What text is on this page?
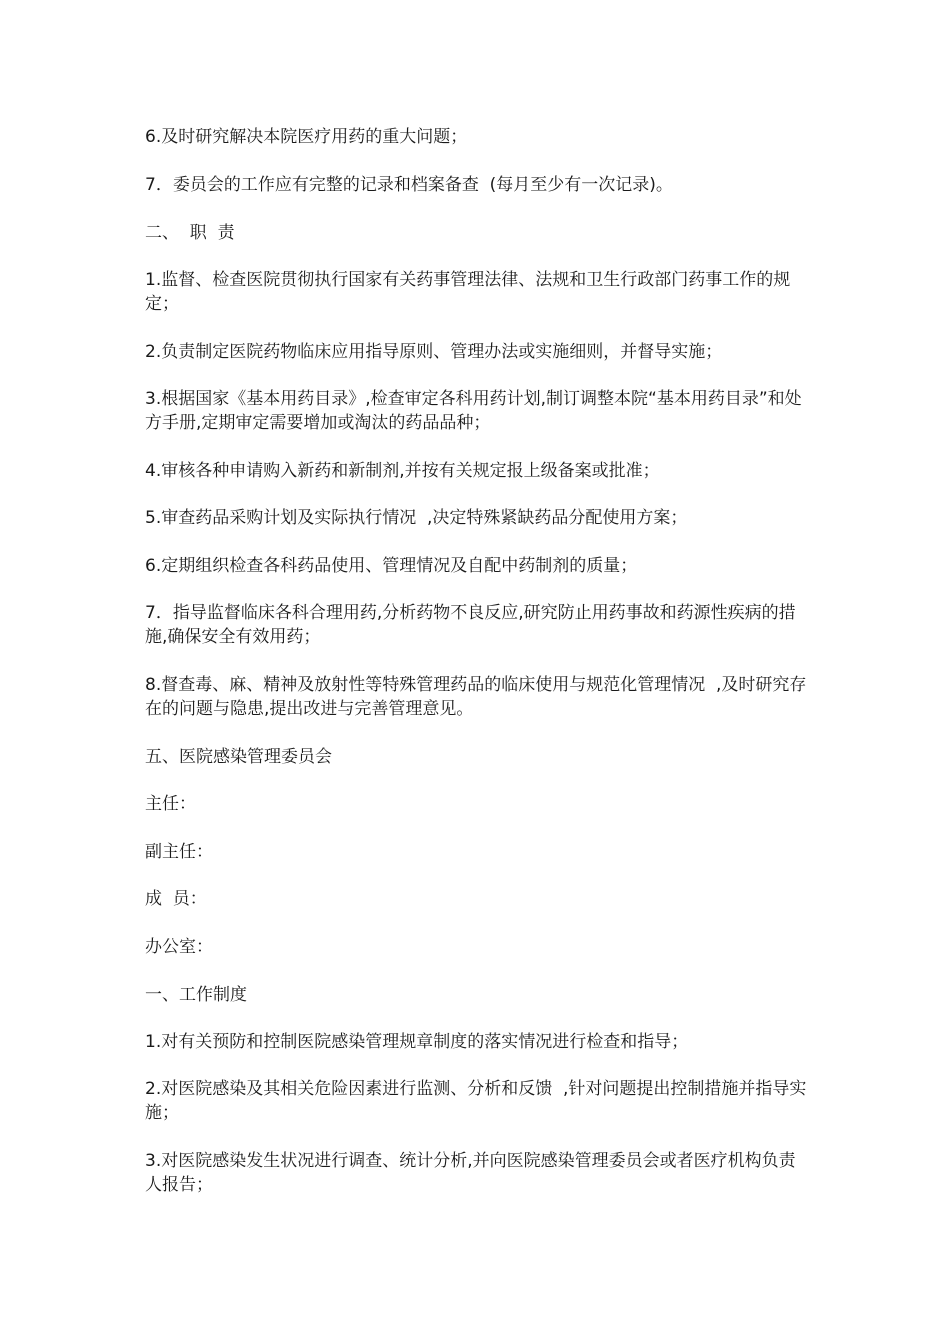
6.及时研究解决本院医疗用药的重大问题；
7．委员会的工作应有完整的记录和档案备查  (每月至少有一次记录)。
二、  职  责
1.监督、检查医院贯彻执行国家有关药事管理法律、法规和卫生行政部门药事工作的规定；
2.负责制定医院药物临床应用指导原则、管理办法或实施细则，并督导实施；
3.根据国家《基本用药目录》,检查审定各科用药计划,制订调整本院“基本用药目录”和处方手册,定期审定需要增加或淘汰的药品品种；
4.审核各种申请购入新药和新制剂,并按有关规定报上级备案或批准；
5.审查药品采购计划及实际执行情况  ,决定特殊紧缺药品分配使用方案；
6.定期组织检查各科药品使用、管理情况及自配中药制剂的质量；
7．指导监督临床各科合理用药,分析药物不良反应,研究防止用药事故和药源性疾病的措施,确保安全有效用药；
8.督查毒、麻、精神及放射性等特殊管理药品的临床使用与规范化管理情况  ,及时研究存在的问题与隐患,提出改进与完善管理意见。
五、医院感染管理委员会
主任：
副主任：
成  员：
办公室：
一、工作制度
1.对有关预防和控制医院感染管理规章制度的落实情况进行检查和指导；
2.对医院感染及其相关危险因素进行监测、分析和反馈  ,针对问题提出控制措施并指导实施；
3.对医院感染发生状况进行调查、统计分析,并向医院感染管理委员会或者医疗机构负责人报告；
